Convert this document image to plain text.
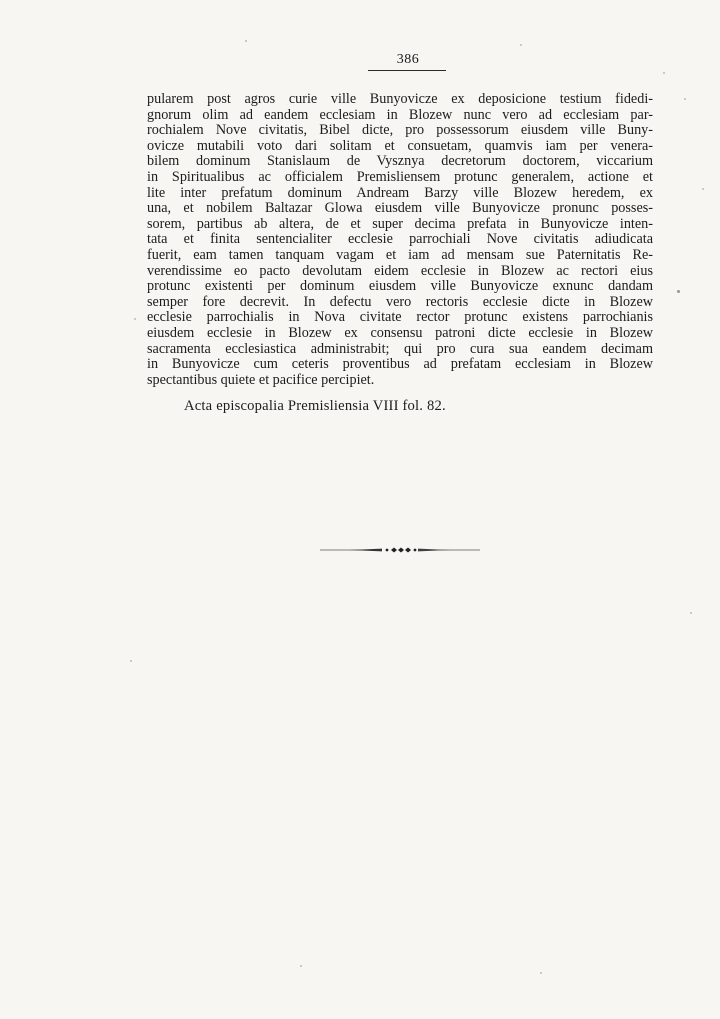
386
pularem post agros curie ville Bunyovicze ex deposicione testium fidedi-
gnorum olim ad eandem ecclesiam in Blozew nunc vero ad ecclesiam par-
rochialem Nove civitatis, Bibel dicte, pro possessorum eiusdem ville Buny-
ovicze mutabili voto dari solitam et consuetam, quamvis iam per venera-
bilem dominum Stanislaum de Vysznya decretorum doctorem, viccarium
in Spiritualibus ac officialem Premisliensem protunc generalem, actione et
lite inter prefatum dominum Andream Barzy ville Blozew heredem, ex
una, et nobilem Baltazar Glowa eiusdem ville Bunyovicze pronunc posses-
sorem, partibus ab altera, de et super decima prefata in Bunyovicze inten-
tata et finita sentencialiter ecclesie parrochiali Nove civitatis adiudicata
fuerit, eam tamen tanquam vagam et iam ad mensam sue Paternitatis Re-
verendissime eo pacto devolutam eidem ecclesie in Blozew ac rectori eius
protunc existenti per dominum eiusdem ville Bunyovicze exnunc dandam
semper fore decrevit. In defectu vero rectoris ecclesie dicte in Blozew
ecclesie parrochialis in Nova civitate rector protunc existens parrochianis
eiusdem ecclesie in Blozew ex consensu patroni dicte ecclesie in Blozew
sacramenta ecclesiastica administrabit; qui pro cura sua eandem decimam
in Bunyovicze cum ceteris proventibus ad prefatam ecclesiam in Blozew
spectantibus quiete et pacifice percipiet.
Acta episcopalia Premisliensia VIII fol. 82.
